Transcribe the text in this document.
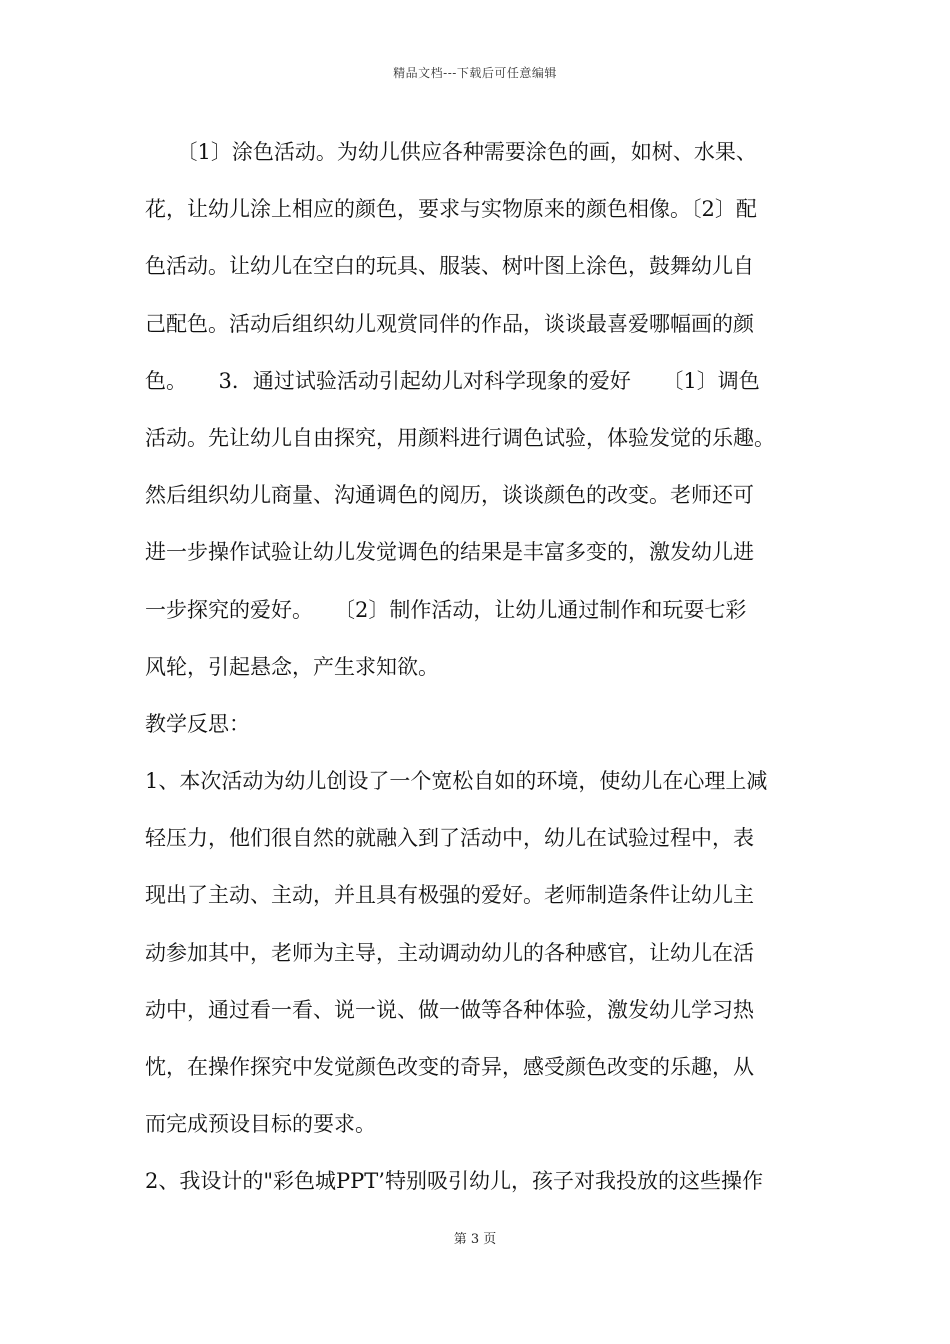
精品文档---下载后可任意编辑
　　〔1〕涂色活动。为幼儿供应各种需要涂色的画，如树、水果、
花，让幼儿涂上相应的颜色，要求与实物原来的颜色相像。〔2〕配
色活动。让幼儿在空白的玩具、服装、树叶图上涂色，鼓舞幼儿自
己配色。活动后组织幼儿观赏同伴的作品，谈谈最喜爱哪幅画的颜
色。　　3．通过试验活动引起幼儿对科学现象的爱好　　〔1〕调色
活动。先让幼儿自由探究，用颜料进行调色试验，体验发觉的乐趣。
然后组织幼儿商量、沟通调色的阅历，谈谈颜色的改变。老师还可
进一步操作试验让幼儿发觉调色的结果是丰富多变的，激发幼儿进
一步探究的爱好。　　〔2〕制作活动，让幼儿通过制作和玩耍七彩
风轮，引起悬念，产生求知欲。
教学反思：
1、本次活动为幼儿创设了一个宽松自如的环境，使幼儿在心理上减
轻压力，他们很自然的就融入到了活动中，幼儿在试验过程中，表
现出了主动、主动，并且具有极强的爱好。老师制造条件让幼儿主
动参加其中，老师为主导，主动调动幼儿的各种感官，让幼儿在活
动中，通过看一看、说一说、做一做等各种体验，激发幼儿学习热
忱，在操作探究中发觉颜色改变的奇异，感受颜色改变的乐趣，从
而完成预设目标的要求。
2、我设计的"彩色城PPT’特别吸引幼儿，孩子对我投放的这些操作
第 3 页
